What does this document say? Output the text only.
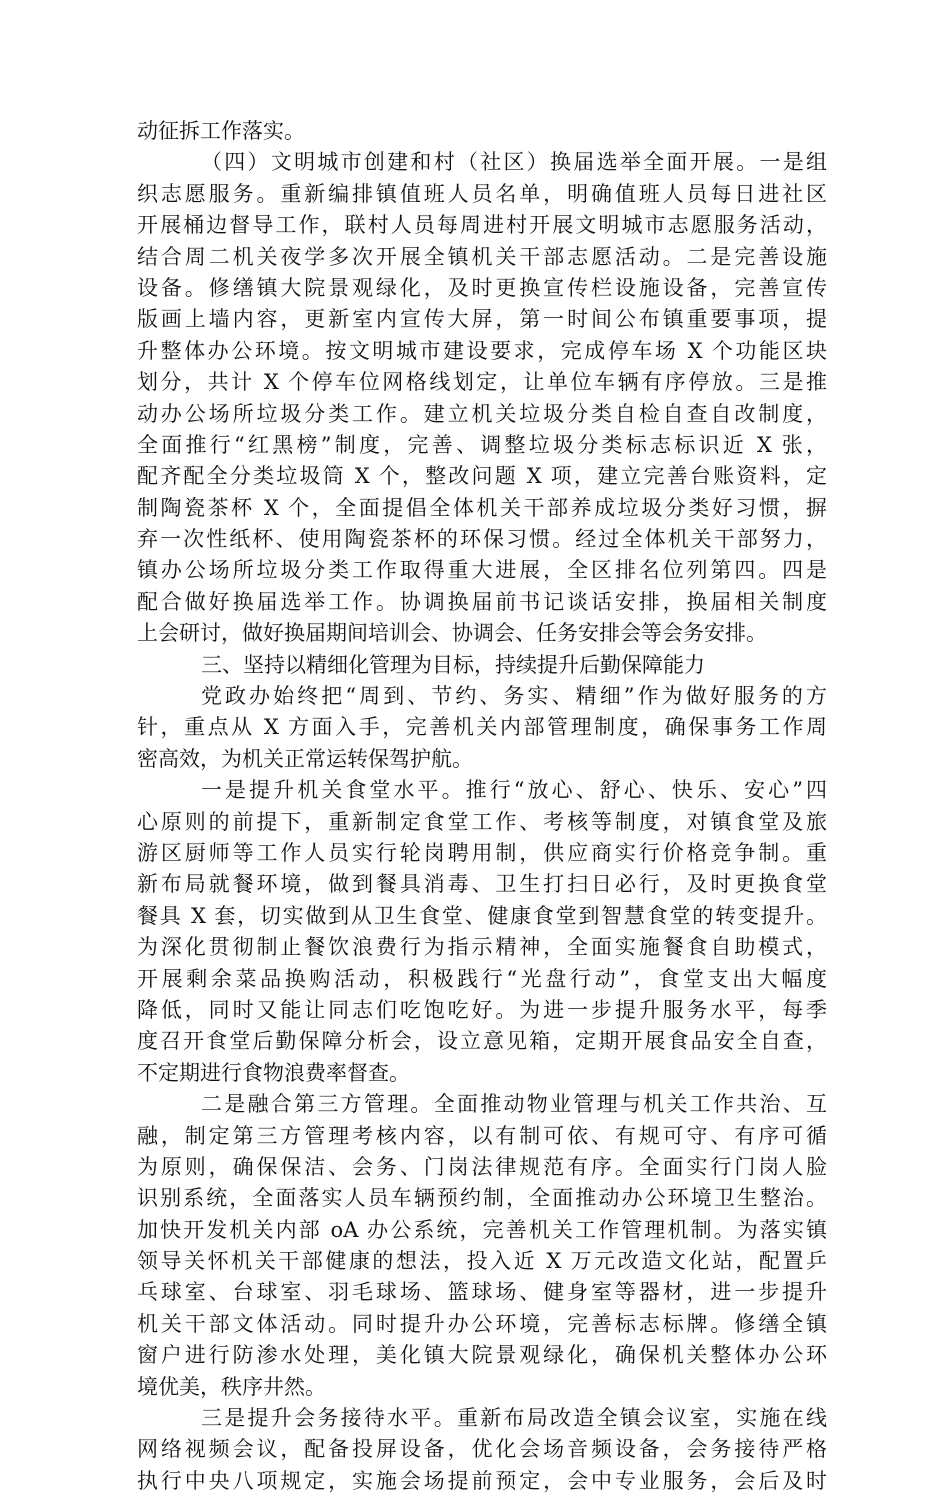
动征拆工作落实。
（四）文明城市创建和村（社区）换届选举全面开展。一是组
织志愿服务。重新编排镇值班人员名单，明确值班人员每日进社区
开展桶边督导工作，联村人员每周进村开展文明城市志愿服务活动，
结合周二机关夜学多次开展全镇机关干部志愿活动。二是完善设施
设备。修缮镇大院景观绿化，及时更换宣传栏设施设备，完善宣传
版画上墙内容，更新室内宣传大屏，第一时间公布镇重要事项，提
升整体办公环境。按文明城市建设要求，完成停车场 X 个功能区块
划分，共计 X 个停车位网格线划定，让单位车辆有序停放。三是推
动办公场所垃圾分类工作。建立机关垃圾分类自检自查自改制度，
全面推行“红黑榜”制度，完善、调整垃圾分类标志标识近 X 张，
配齐配全分类垃圾筒 X 个，整改问题 X 项，建立完善台账资料，定
制陶瓷茶杯 X 个，全面提倡全体机关干部养成垃圾分类好习惯，摒
弃一次性纸杯、使用陶瓷茶杯的环保习惯。经过全体机关干部努力，
镇办公场所垃圾分类工作取得重大进展，全区排名位列第四。四是
配合做好换届选举工作。协调换届前书记谈话安排，换届相关制度
上会研讨，做好换届期间培训会、协调会、任务安排会等会务安排。
三、坚持以精细化管理为目标，持续提升后勤保障能力
党政办始终把“周到、节约、务实、精细”作为做好服务的方
针，重点从 X 方面入手，完善机关内部管理制度，确保事务工作周
密高效，为机关正常运转保驾护航。
一是提升机关食堂水平。推行“放心、舒心、快乐、安心”四
心原则的前提下，重新制定食堂工作、考核等制度，对镇食堂及旅
游区厨师等工作人员实行轮岗聘用制，供应商实行价格竞争制。重
新布局就餐环境，做到餐具消毒、卫生打扫日必行，及时更换食堂
餐具 X 套，切实做到从卫生食堂、健康食堂到智慧食堂的转变提升。
为深化贯彻制止餐饮浪费行为指示精神，全面实施餐食自助模式，
开展剩余菜品换购活动，积极践行“光盘行动”，食堂支出大幅度
降低，同时又能让同志们吃饱吃好。为进一步提升服务水平，每季
度召开食堂后勤保障分析会，设立意见箱，定期开展食品安全自查，
不定期进行食物浪费率督查。
二是融合第三方管理。全面推动物业管理与机关工作共治、互
融，制定第三方管理考核内容，以有制可依、有规可守、有序可循
为原则，确保保洁、会务、门岗法律规范有序。全面实行门岗人脸
识别系统，全面落实人员车辆预约制，全面推动办公环境卫生整治。
加快开发机关内部 oA 办公系统，完善机关工作管理机制。为落实镇
领导关怀机关干部健康的想法，投入近 X 万元改造文化站，配置乒
乓球室、台球室、羽毛球场、篮球场、健身室等器材，进一步提升
机关干部文体活动。同时提升办公环境，完善标志标牌。修缮全镇
窗户进行防渗水处理，美化镇大院景观绿化，确保机关整体办公环
境优美，秩序井然。
三是提升会务接待水平。重新布局改造全镇会议室，实施在线
网络视频会议，配备投屏设备，优化会场音频设备，会务接待严格
执行中央八项规定，实施会场提前预定，会中专业服务，会后及时
